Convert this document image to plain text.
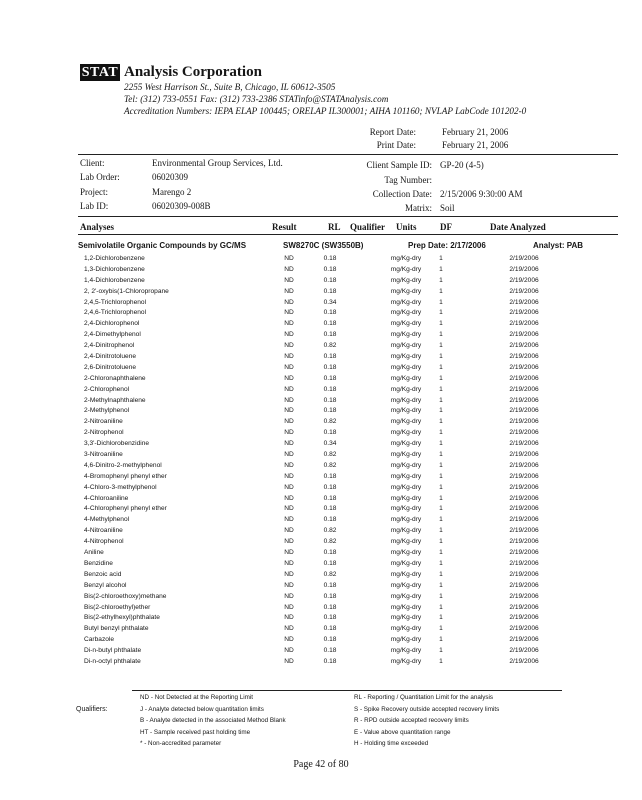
STAT Analysis Corporation
2255 West Harrison St., Suite B, Chicago, IL 60612-3505
Tel: (312) 733-0551 Fax: (312) 733-2386 STATinfo@STATAnalysis.com
Accreditation Numbers: IEPA ELAP 100445; ORELAP IL300001; AIHA 101160; NVLAP LabCode 101202-0
Report Date:	February 21, 2006
Print Date:	February 21, 2006
Client:	Environmental Group Services, Ltd.
Lab Order:	06020309
Project:	Marengo 2
Lab ID:	06020309-008B
Client Sample ID: GP-20 (4-5)
Tag Number:
Collection Date: 2/15/2006 9:30:00 AM
Matrix: Soil
Analyses	Result	RL Qualifier Units	DF	Date Analyzed
Semivolatile Organic Compounds by GC/MS	SW8270C (SW3550B)	Prep Date: 2/17/2006	Analyst: PAB
1,2-Dichlorobenzene	ND	0.18	mg/Kg-dry	1	2/19/2006
1,3-Dichlorobenzene	ND	0.18	mg/Kg-dry	1	2/19/2006
1,4-Dichlorobenzene	ND	0.18	mg/Kg-dry	1	2/19/2006
2, 2'-oxybis(1-Chloropropane	ND	0.18	mg/Kg-dry	1	2/19/2006
2,4,5-Trichlorophenol	ND	0.34	mg/Kg-dry	1	2/19/2006
2,4,6-Trichlorophenol	ND	0.18	mg/Kg-dry	1	2/19/2006
2,4-Dichlorophenol	ND	0.18	mg/Kg-dry	1	2/19/2006
2,4-Dimethylphenol	ND	0.18	mg/Kg-dry	1	2/19/2006
2,4-Dinitrophenol	ND	0.82	mg/Kg-dry	1	2/19/2006
2,4-Dinitrotoluene	ND	0.18	mg/Kg-dry	1	2/19/2006
2,6-Dinitrotoluene	ND	0.18	mg/Kg-dry	1	2/19/2006
2-Chloronaphthalene	ND	0.18	mg/Kg-dry	1	2/19/2006
2-Chlorophenol	ND	0.18	mg/Kg-dry	1	2/19/2006
2-Methylnaphthalene	ND	0.18	mg/Kg-dry	1	2/19/2006
2-Methylphenol	ND	0.18	mg/Kg-dry	1	2/19/2006
2-Nitroaniline	ND	0.82	mg/Kg-dry	1	2/19/2006
2-Nitrophenol	ND	0.18	mg/Kg-dry	1	2/19/2006
3,3'-Dichlorobenzidine	ND	0.34	mg/Kg-dry	1	2/19/2006
3-Nitroaniline	ND	0.82	mg/Kg-dry	1	2/19/2006
4,6-Dinitro-2-methylphenol	ND	0.82	mg/Kg-dry	1	2/19/2006
4-Bromophenyl phenyl ether	ND	0.18	mg/Kg-dry	1	2/19/2006
4-Chloro-3-methylphenol	ND	0.18	mg/Kg-dry	1	2/19/2006
4-Chloroaniline	ND	0.18	mg/Kg-dry	1	2/19/2006
4-Chlorophenyl phenyl ether	ND	0.18	mg/Kg-dry	1	2/19/2006
4-Methylphenol	ND	0.18	mg/Kg-dry	1	2/19/2006
4-Nitroaniline	ND	0.82	mg/Kg-dry	1	2/19/2006
4-Nitrophenol	ND	0.82	mg/Kg-dry	1	2/19/2006
Aniline	ND	0.18	mg/Kg-dry	1	2/19/2006
Benzidine	ND	0.18	mg/Kg-dry	1	2/19/2006
Benzoic acid	ND	0.82	mg/Kg-dry	1	2/19/2006
Benzyl alcohol	ND	0.18	mg/Kg-dry	1	2/19/2006
Bis(2-chloroethoxy)methane	ND	0.18	mg/Kg-dry	1	2/19/2006
Bis(2-chloroethyl)ether	ND	0.18	mg/Kg-dry	1	2/19/2006
Bis(2-ethylhexyl)phthalate	ND	0.18	mg/Kg-dry	1	2/19/2006
Butyl benzyl phthalate	ND	0.18	mg/Kg-dry	1	2/19/2006
Carbazole	ND	0.18	mg/Kg-dry	1	2/19/2006
Di-n-butyl phthalate	ND	0.18	mg/Kg-dry	1	2/19/2006
Di-n-octyl phthalate	ND	0.18	mg/Kg-dry	1	2/19/2006
Qualifiers:
ND - Not Detected at the Reporting Limit
J - Analyte detected below quantitation limits
B - Analyte detected in the associated Method Blank
HT - Sample received past holding time
* - Non-accredited parameter
RL - Reporting / Quantitation Limit for the analysis
S - Spike Recovery outside accepted recovery limits
R - RPD outside accepted recovery limits
E - Value above quantitation range
H - Holding time exceeded
Page 42 of 80
